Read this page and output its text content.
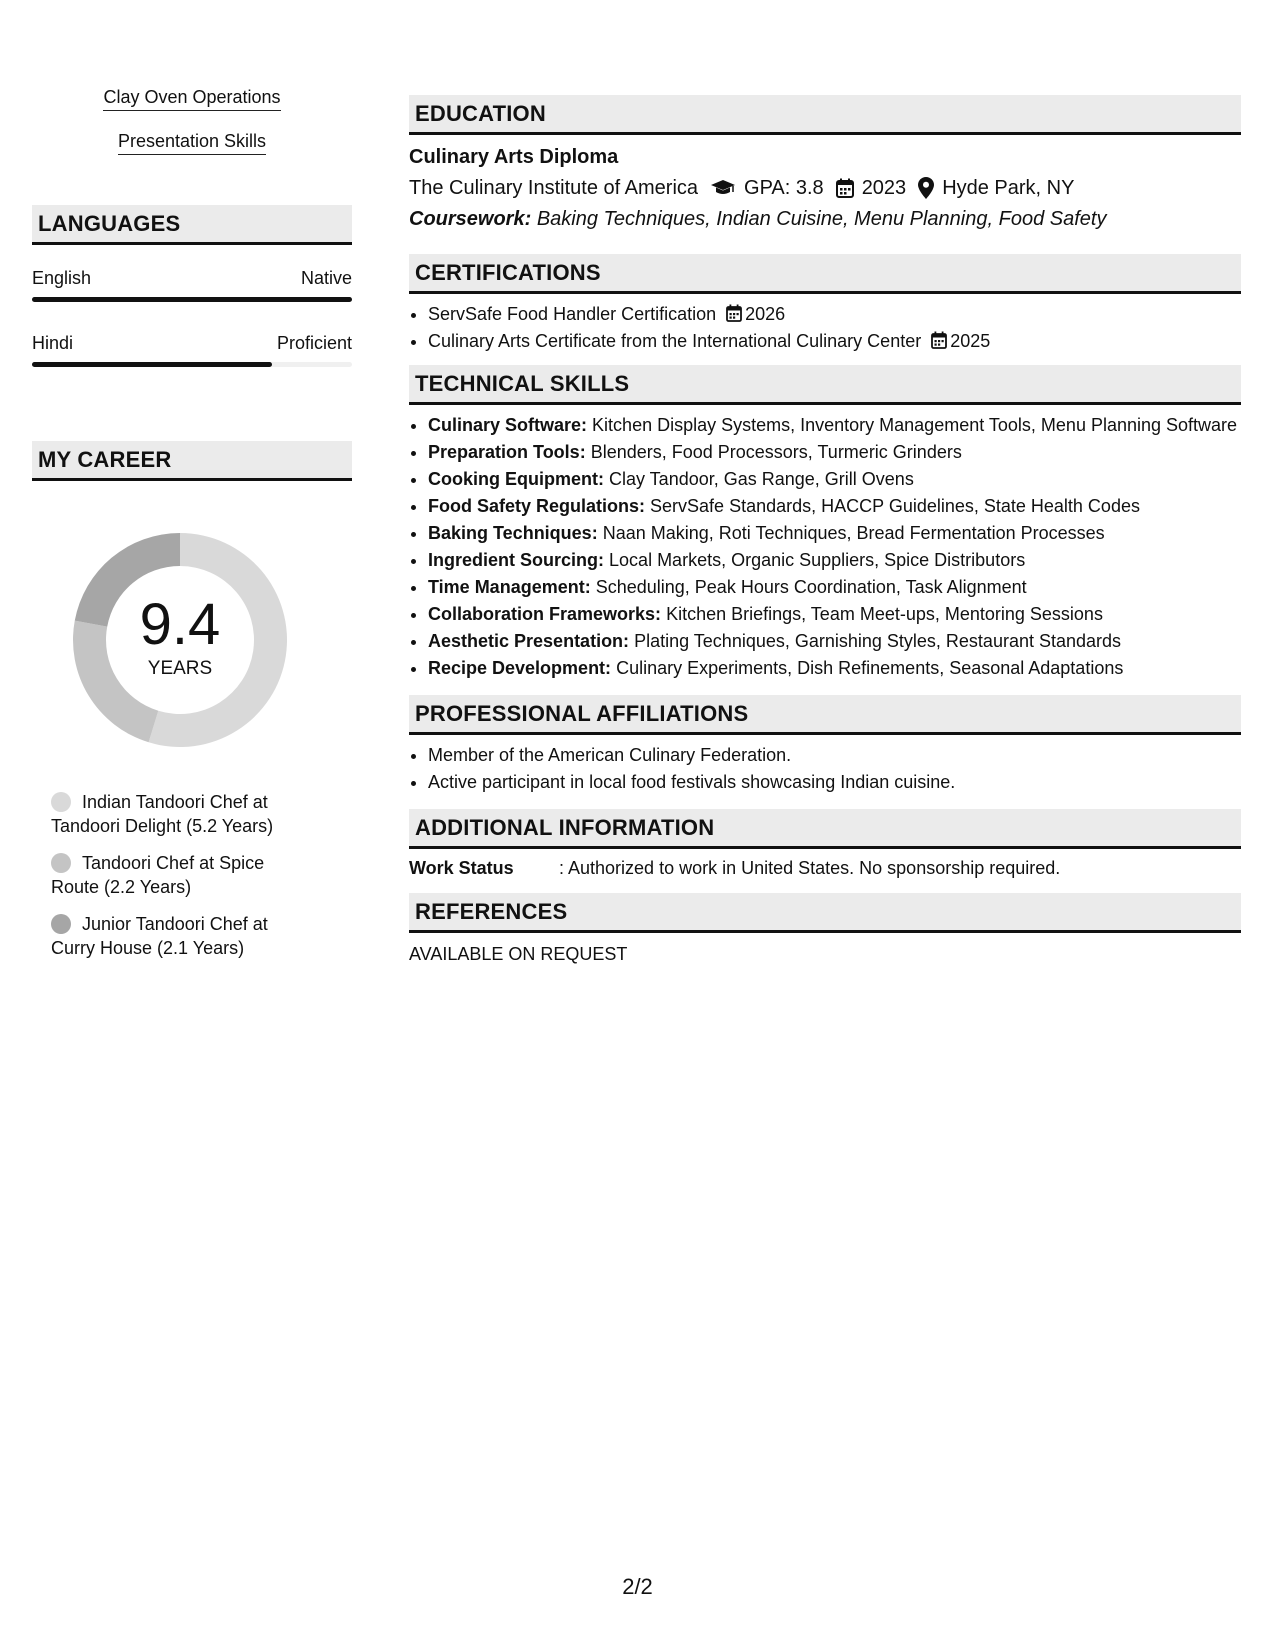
Clay Oven Operations
Presentation Skills
LANGUAGES
English	Native
Hindi	Proficient
MY CAREER
9.4
YEARS
Indian Tandoori Chef at Tandoori Delight (5.2 Years)
Tandoori Chef at Spice Route (2.2 Years)
Junior Tandoori Chef at Curry House (2.1 Years)
EDUCATION
Culinary Arts Diploma
The Culinary Institute of America GPA: 3.8 2023 Hyde Park, NY
Coursework: Baking Techniques, Indian Cuisine, Menu Planning, Food Safety
CERTIFICATIONS
• ServSafe Food Handler Certification 2026
• Culinary Arts Certificate from the International Culinary Center 2025
TECHNICAL SKILLS
• Culinary Software: Kitchen Display Systems, Inventory Management Tools, Menu Planning Software
• Preparation Tools: Blenders, Food Processors, Turmeric Grinders
• Cooking Equipment: Clay Tandoor, Gas Range, Grill Ovens
• Food Safety Regulations: ServSafe Standards, HACCP Guidelines, State Health Codes
• Baking Techniques: Naan Making, Roti Techniques, Bread Fermentation Processes
• Ingredient Sourcing: Local Markets, Organic Suppliers, Spice Distributors
• Time Management: Scheduling, Peak Hours Coordination, Task Alignment
• Collaboration Frameworks: Kitchen Briefings, Team Meet-ups, Mentoring Sessions
• Aesthetic Presentation: Plating Techniques, Garnishing Styles, Restaurant Standards
• Recipe Development: Culinary Experiments, Dish Refinements, Seasonal Adaptations
PROFESSIONAL AFFILIATIONS
• Member of the American Culinary Federation.
• Active participant in local food festivals showcasing Indian cuisine.
ADDITIONAL INFORMATION
Work Status	: Authorized to work in United States. No sponsorship required.
REFERENCES
AVAILABLE ON REQUEST
2/2
